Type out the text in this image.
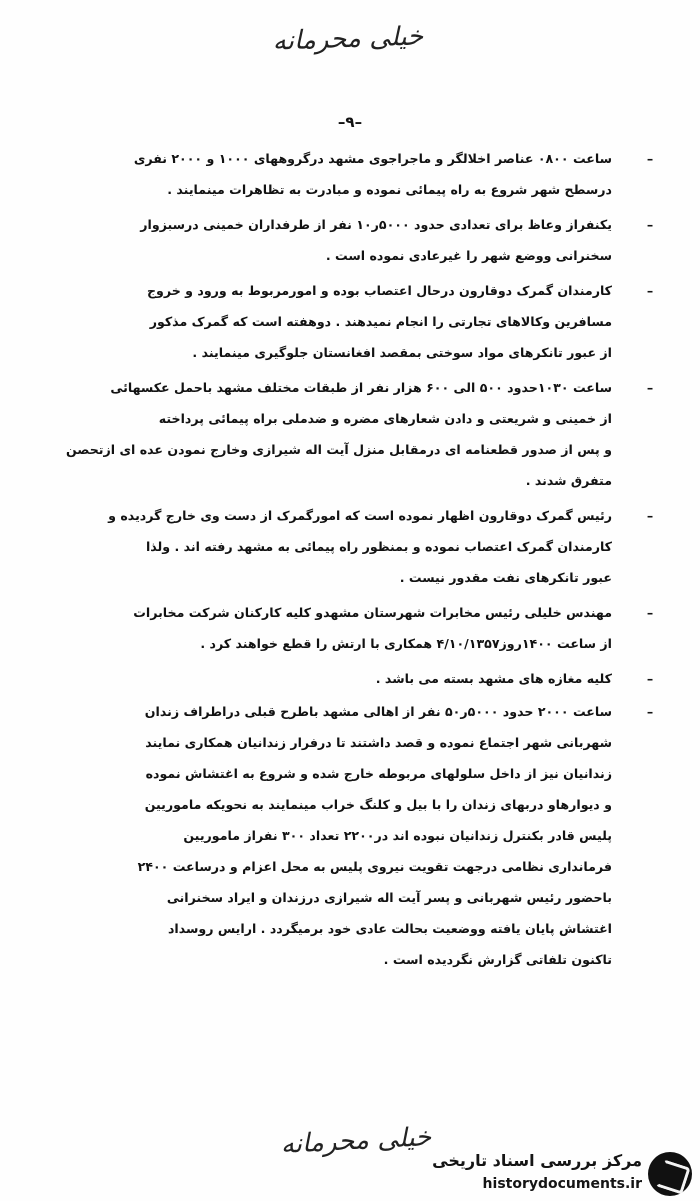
خیلی محرمانه
–۹–
–

ساعت ۰۸۰۰ عناصر اخلالگر و ماجراجوی مشهد درگروههای ۱۰۰۰ و ۲۰۰۰ نفری

درسطح شهر شروع به راه پیمائی نموده و مبادرت به تظاهرات مینمایند .

–

یکنفراز وعاظ برای تعدادی حدود ۵۰۰۰ر۱۰ نفر از طرفداران خمینی درسبزوار

سخنرانی ووضع شهر را غیرعادی نموده است .

–

کارمندان گمرک دوقارون درحال اعتصاب بوده و امورمربوط به ورود و خروج

مسافرین وکالاهای تجارتی را انجام نمیدهند . دوهفته است که گمرک مذکور

از عبور تانکرهای مواد سوختی بمقصد افغانستان جلوگیری مینمایند .

–

ساعت ۱۰۳۰حدود ۵۰۰ الی ۶۰۰ هزار نفر از طبقات مختلف مشهد باحمل عکسهائی

از خمینی و شریعتی و دادن شعارهای مضره و ضدملی براه پیمائی پرداخته

و پس از صدور قطعنامه ای درمقابل منزل آیت اله شیرازی وخارج نمودن عده ای ازتحصن

متفرق شدند .

–

رئیس گمرک دوقارون اظهار نموده است که امورگمرک از دست وی خارج گردیده و

کارمندان گمرک اعتصاب نموده و بمنظور راه پیمائی به مشهد رفته اند . ولذا

عبور تانکرهای نفت مقدور نیست .

–

مهندس خلیلی رئیس مخابرات شهرستان مشهدو کلیه کارکنان شرکت مخابرات

از ساعت ۱۴۰۰روز۴/۱۰/۱۳۵۷ همکاری با ارتش را قطع خواهند کرد .

–

کلیه مغازه های مشهد بسته می باشد .

–

ساعت ۲۰۰۰ حدود ۵۰۰۰ر۵۰ نفر از اهالی مشهد باطرح قبلی دراطراف زندان

شهربانی شهر اجتماع نموده و قصد داشتند تا درفرار زندانیان همکاری نمایند

زندانیان نیز از داخل سلولهای مربوطه خارج شده و شروع به اغتشاش نموده

و دیوارهاو دربهای زندان را با بیل و کلنگ خراب مینمایند به نحویکه ماموریین

پلیس قادر بکنترل زندانیان نبوده اند در۲۲۰۰ تعداد ۳۰۰ نفراز ماموریین

فرمانداری نظامی درجهت تقویت نیروی پلیس به محل اعزام و درساعت ۲۴۰۰

باحضور رئیس شهربانی و پسر آیت اله شیرازی درزندان و ایراد سخنرانی

اغتشاش پایان یافته ووضعیت بحالت عادی خود برمیگردد . ارایس روسداد

تاکنون تلفاتی گزارش نگردیده است .

خیلی محرمانه
مرکز بررسی اسناد تاریخی
historydocuments.ir
